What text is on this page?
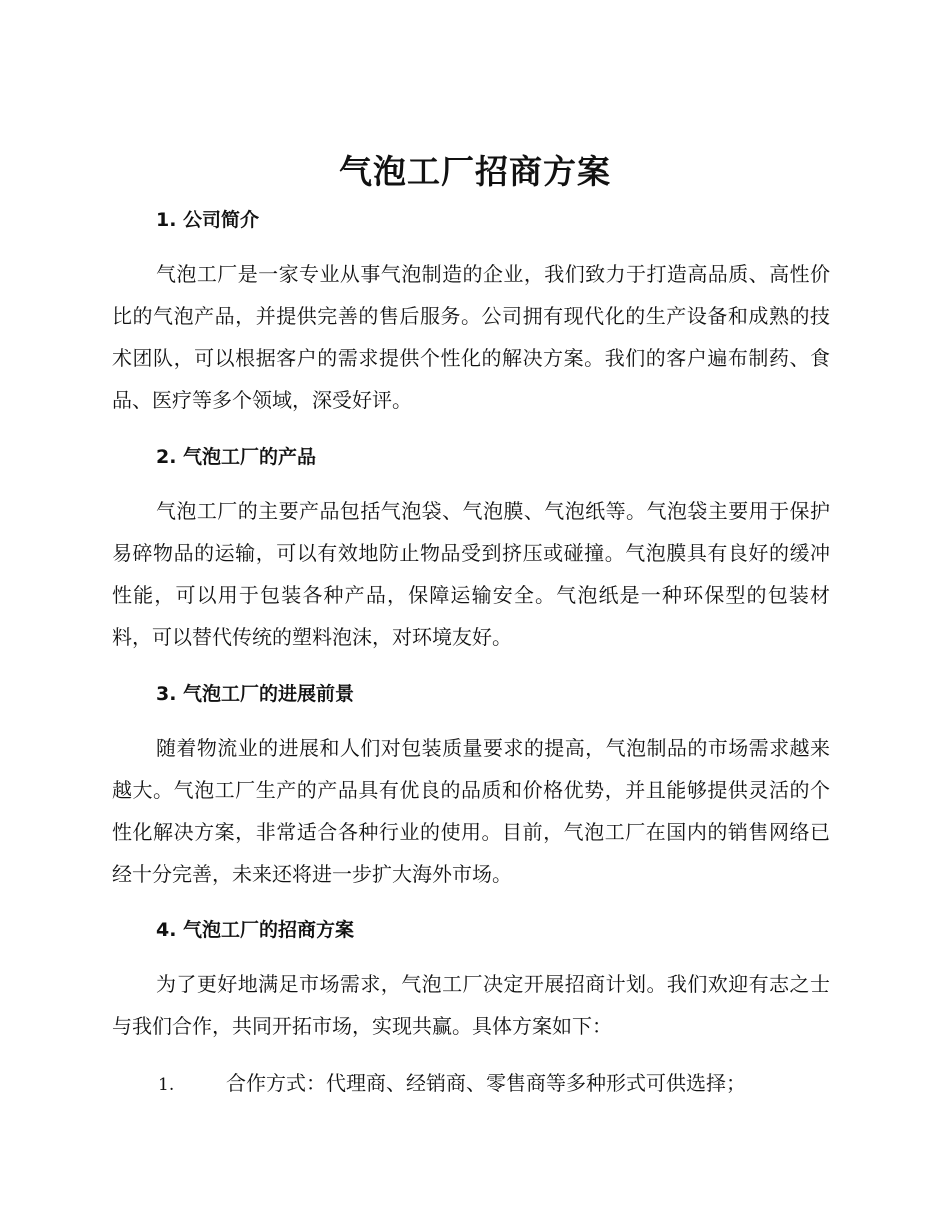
气泡工厂招商方案
1. 公司简介

气泡工厂是一家专业从事气泡制造的企业，我们致力于打造高品质、高性价比的气泡产品，并提供完善的售后服务。公司拥有现代化的生产设备和成熟的技术团队，可以根据客户的需求提供个性化的解决方案。我们的客户遍布制药、食品、医疗等多个领域，深受好评。

2. 气泡工厂的产品

气泡工厂的主要产品包括气泡袋、气泡膜、气泡纸等。气泡袋主要用于保护易碎物品的运输，可以有效地防止物品受到挤压或碰撞。气泡膜具有良好的缓冲性能，可以用于包装各种产品，保障运输安全。气泡纸是一种环保型的包装材料，可以替代传统的塑料泡沫，对环境友好。

3. 气泡工厂的进展前景

随着物流业的进展和人们对包装质量要求的提高，气泡制品的市场需求越来越大。气泡工厂生产的产品具有优良的品质和价格优势，并且能够提供灵活的个性化解决方案，非常适合各种行业的使用。目前，气泡工厂在国内的销售网络已经十分完善，未来还将进一步扩大海外市场。

4. 气泡工厂的招商方案

为了更好地满足市场需求，气泡工厂决定开展招商计划。我们欢迎有志之士与我们合作，共同开拓市场，实现共赢。具体方案如下：

1.	合作方式：代理商、经销商、零售商等多种形式可供选择；
